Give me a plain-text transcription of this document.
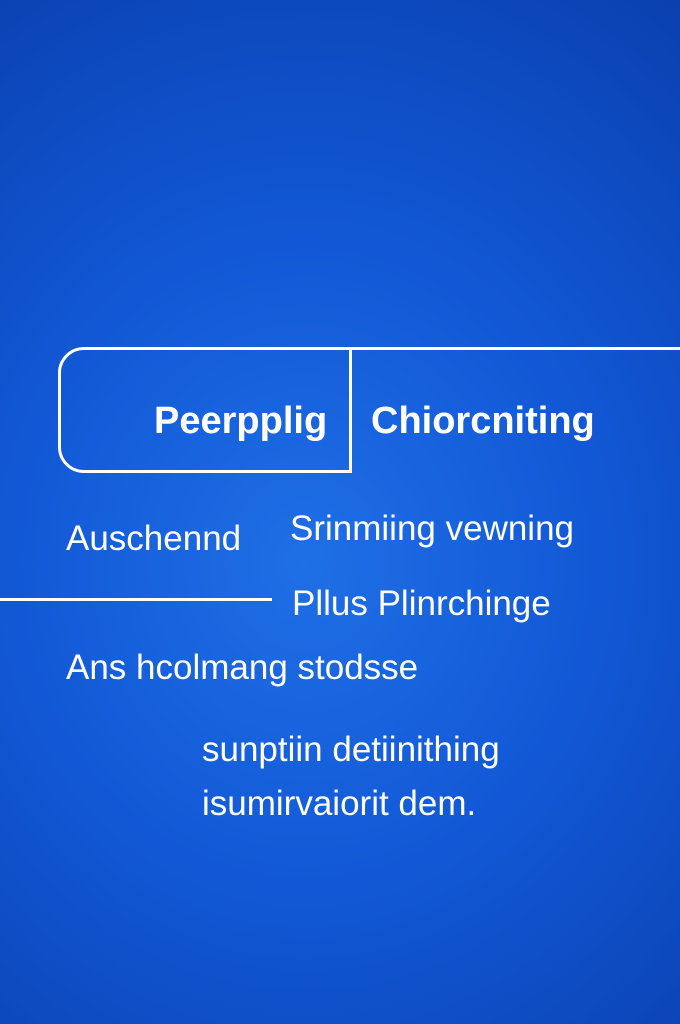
Peerpplig Chiorcniting
Auschennd Srinmiing vewning
Pllus Plinrchinge
Ans hcolmang stodsse
sunptiin detiinithing
isumirvaiorit dem.
